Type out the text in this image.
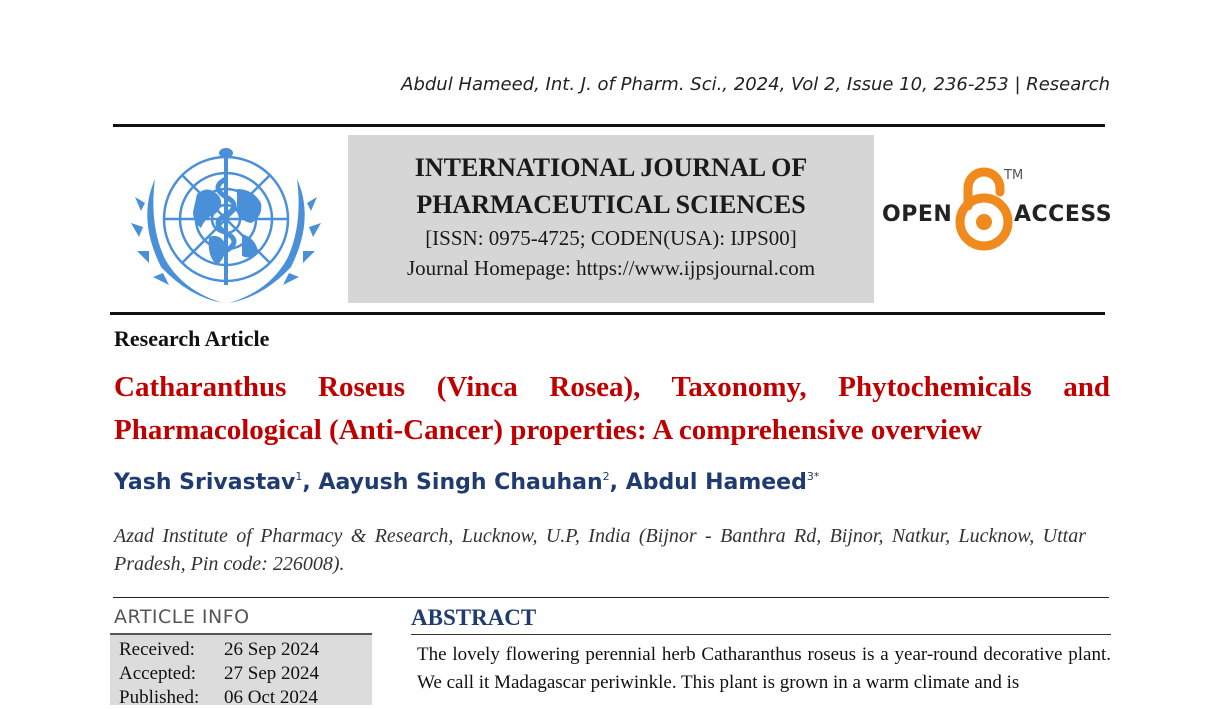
Abdul Hameed, Int. J. of Pharm. Sci., 2024, Vol 2, Issue 10, 236-253 | Research
INTERNATIONAL JOURNAL OF
PHARMACEUTICAL SCIENCES
[ISSN: 0975-4725; CODEN(USA): IJPS00]
Journal Homepage: https://www.ijpsjournal.com
OPEN
TM
ACCESS
Research Article
Catharanthus Roseus (Vinca Rosea), Taxonomy, Phytochemicals and Pharmacological (Anti-Cancer) properties: A comprehensive overview
Yash Srivastav$^1$, Aayush Singh Chauhan$^2$, Abdul Hameed$^{3*}$
Azad Institute of Pharmacy & Research, Lucknow, U.P, India (Bijnor - Banthra Rd, Bijnor, Natkur, Lucknow, Uttar Pradesh, Pin code: 226008).
ARTICLE INFO
Received: 26 Sep 2024
Accepted: 27 Sep 2024
Published: 06 Oct 2024
ABSTRACT
The lovely flowering perennial herb Catharanthus roseus is a year-round decorative plant. We call it Madagascar periwinkle. This plant is grown in a warm climate and is
